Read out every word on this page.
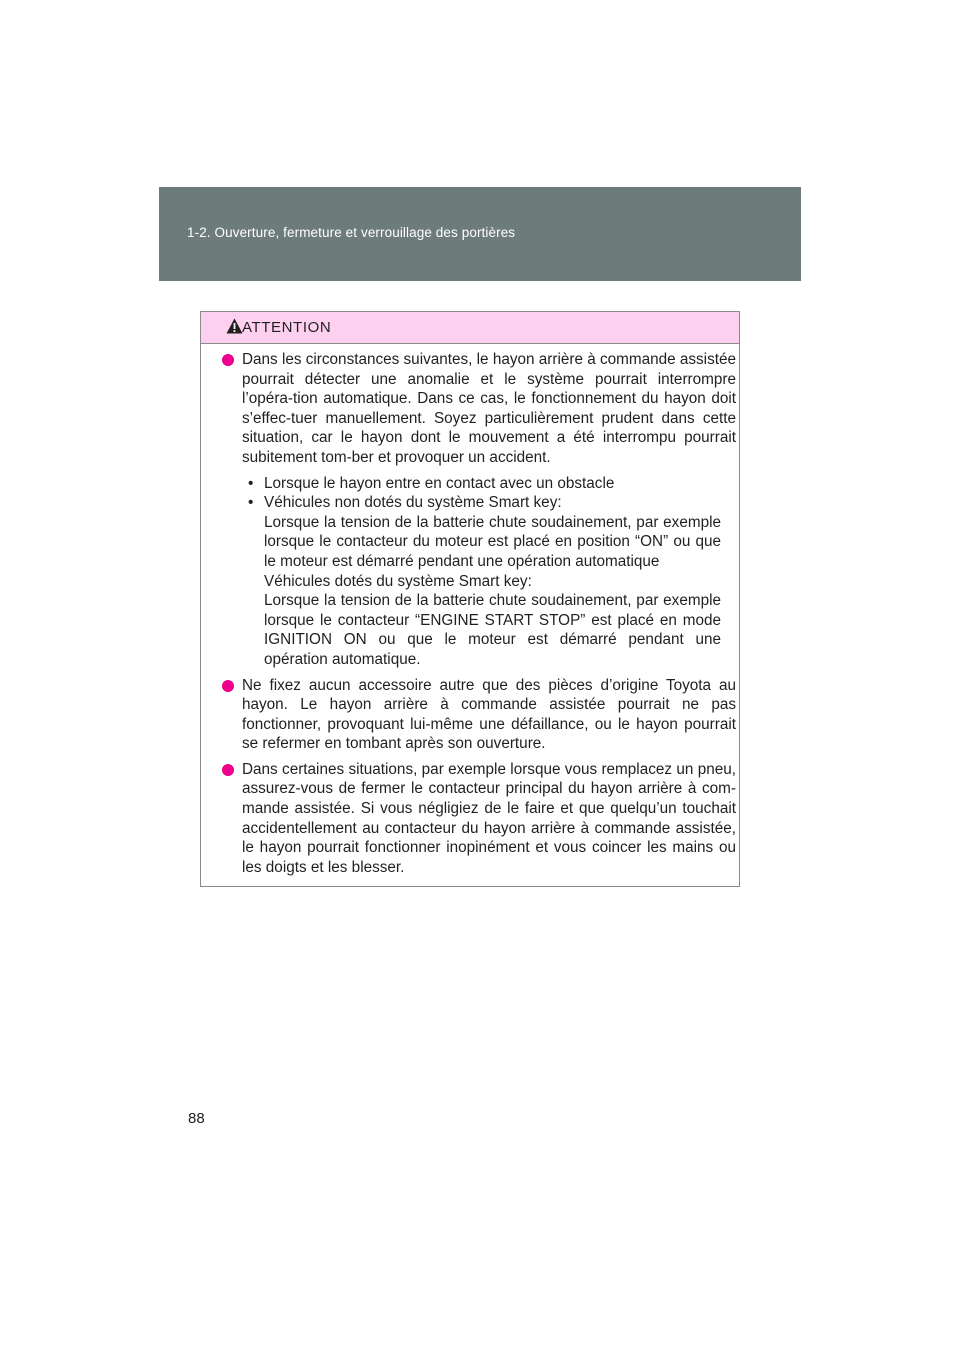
1-2. Ouverture, fermeture et verrouillage des portières
ATTENTION

Dans les circonstances suivantes, le hayon arrière à commande assistée pourrait détecter une anomalie et le système pourrait interrompre l’opéra-tion automatique. Dans ce cas, le fonctionnement du hayon doit s’effec-tuer manuellement. Soyez particulièrement prudent dans cette situation, car le hayon dont le mouvement a été interrompu pourrait subitement tom-ber et provoquer un accident.

• Lorsque le hayon entre en contact avec un obstacle

• Véhicules non dotés du système Smart key:

Lorsque la tension de la batterie chute soudainement, par exemple lorsque le contacteur du moteur est placé en position “ON” ou que le moteur est démarré pendant une opération automatique

Véhicules dotés du système Smart key:

Lorsque la tension de la batterie chute soudainement, par exemple lorsque le contacteur “ENGINE START STOP” est placé en mode IGNITION ON ou que le moteur est démarré pendant une opération automatique.

Ne fixez aucun accessoire autre que des pièces d’origine Toyota au hayon. Le hayon arrière à commande assistée pourrait ne pas fonctionner, provoquant lui-même une défaillance, ou le hayon pourrait se refermer en tombant après son ouverture.

Dans certaines situations, par exemple lorsque vous remplacez un pneu, assurez-vous de fermer le contacteur principal du hayon arrière à com-mande assistée. Si vous négligiez de le faire et que quelqu’un touchait accidentellement au contacteur du hayon arrière à commande assistée, le hayon pourrait fonctionner inopinément et vous coincer les mains ou les doigts et les blesser.

88
